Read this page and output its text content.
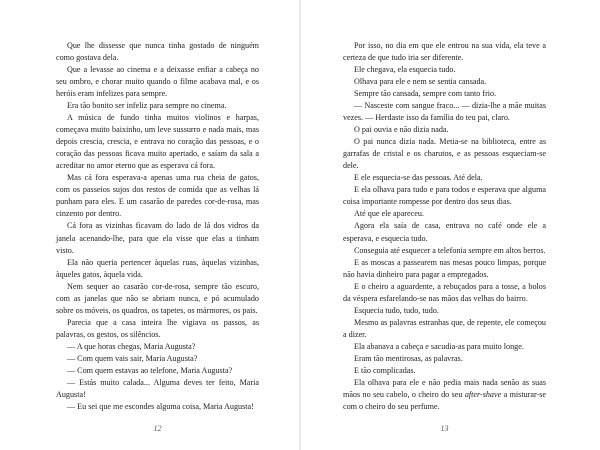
Que lhe dissesse que nunca tinha gostado de ninguém como gostava dela.

Que a levasse ao cinema e a deixasse enfiar a cabeça no seu ombro, e chorar muito quando o filme acabava mal, e os heróis eram infelizes para sempre.

Era tão bonito ser infeliz para sempre no cinema.

A música de fundo tinha muitos violinos e harpas, começava muito baixinho, um leve sussurro e nada mais, mas depois crescia, crescia, e entrava no coração das pessoas, e o coração das pessoas ficava muito apertado, e saíam da sala a acreditar no amor eterno que as esperava cá fora.

Mas cá fora esperava-a apenas uma rua cheia de gatos, com os passeios sujos dos restos de comida que as velhas lá punham para eles. E um casarão de paredes cor-de-rosa, mas cinzento por dentro.

Cá fora as vizinhas ficavam do lado de lá dos vidros da janela acenando-lhe, para que ela visse que elas a tinham visto.

Ela não queria pertencer àquelas ruas, àquelas vizinhas, àqueles gatos, àquela vida.

Nem sequer ao casarão cor-de-rosa, sempre tão escuro, com as janelas que não se abriam nunca, e pó acumulado sobre os móveis, os quadros, os tapetes, os mármores, os pais.

Parecia que a casa inteira lhe vigiava os passos, as palavras, os gestos, os silêncios.

— A que horas chegas, Maria Augusta?

— Com quem vais sair, Maria Augusta?

— Com quem estavas ao telefone, Maria Augusta?

— Estás muito calada... Alguma deves ter feito, Maria Augusta!

— Eu sei que me escondes alguma coisa, Maria Augusta!

Por isso, no dia em que ele entrou na sua vida, ela teve a certeza de que tudo iria ser diferente.

Ele chegava, ela esquecia tudo.

Olhava para ele e nem se sentia cansada.

Sempre tão cansada, sempre com tanto frio.

— Nasceste com sangue fraco... — dizia-lhe a mãe muitas vezes. — Herdaste isso da família do teu pai, claro.

O pai ouvia e não dizia nada.

O pai nunca dizia nada. Metia-se na biblioteca, entre as garrafas de cristal e os charutos, e as pessoas esqueciam-se dele.

E ele esquecia-se das pessoas. Até dela.

E ela olhava para tudo e para todos e esperava que alguma coisa importante rompesse por dentro dos seus dias.

Até que ele apareceu.

Agora ela saía de casa, entrava no café onde ele a esperava, e esquecia tudo.

Conseguia até esquecer a telefonia sempre em altos berros.

E as moscas a passearem nas mesas pouco limpas, porque não havia dinheiro para pagar a empregados.

E o cheiro a aguardente, a rebuçados para a tosse, a bolos da véspera esfarelando-se nas mãos das velhas do bairro.

Esquecia tudo, tudo, tudo.

Mesmo as palavras estranhas que, de repente, ele começou a dizer.

Ela abanava a cabeça e sacudia-as para muito longe.

Eram tão mentirosas, as palavras.

E tão complicadas.

Ela olhava para ele e não pedia mais nada senão as suas mãos no seu cabelo, o cheiro do seu after-shave a misturar-se com o cheiro do seu perfume.

12	13
